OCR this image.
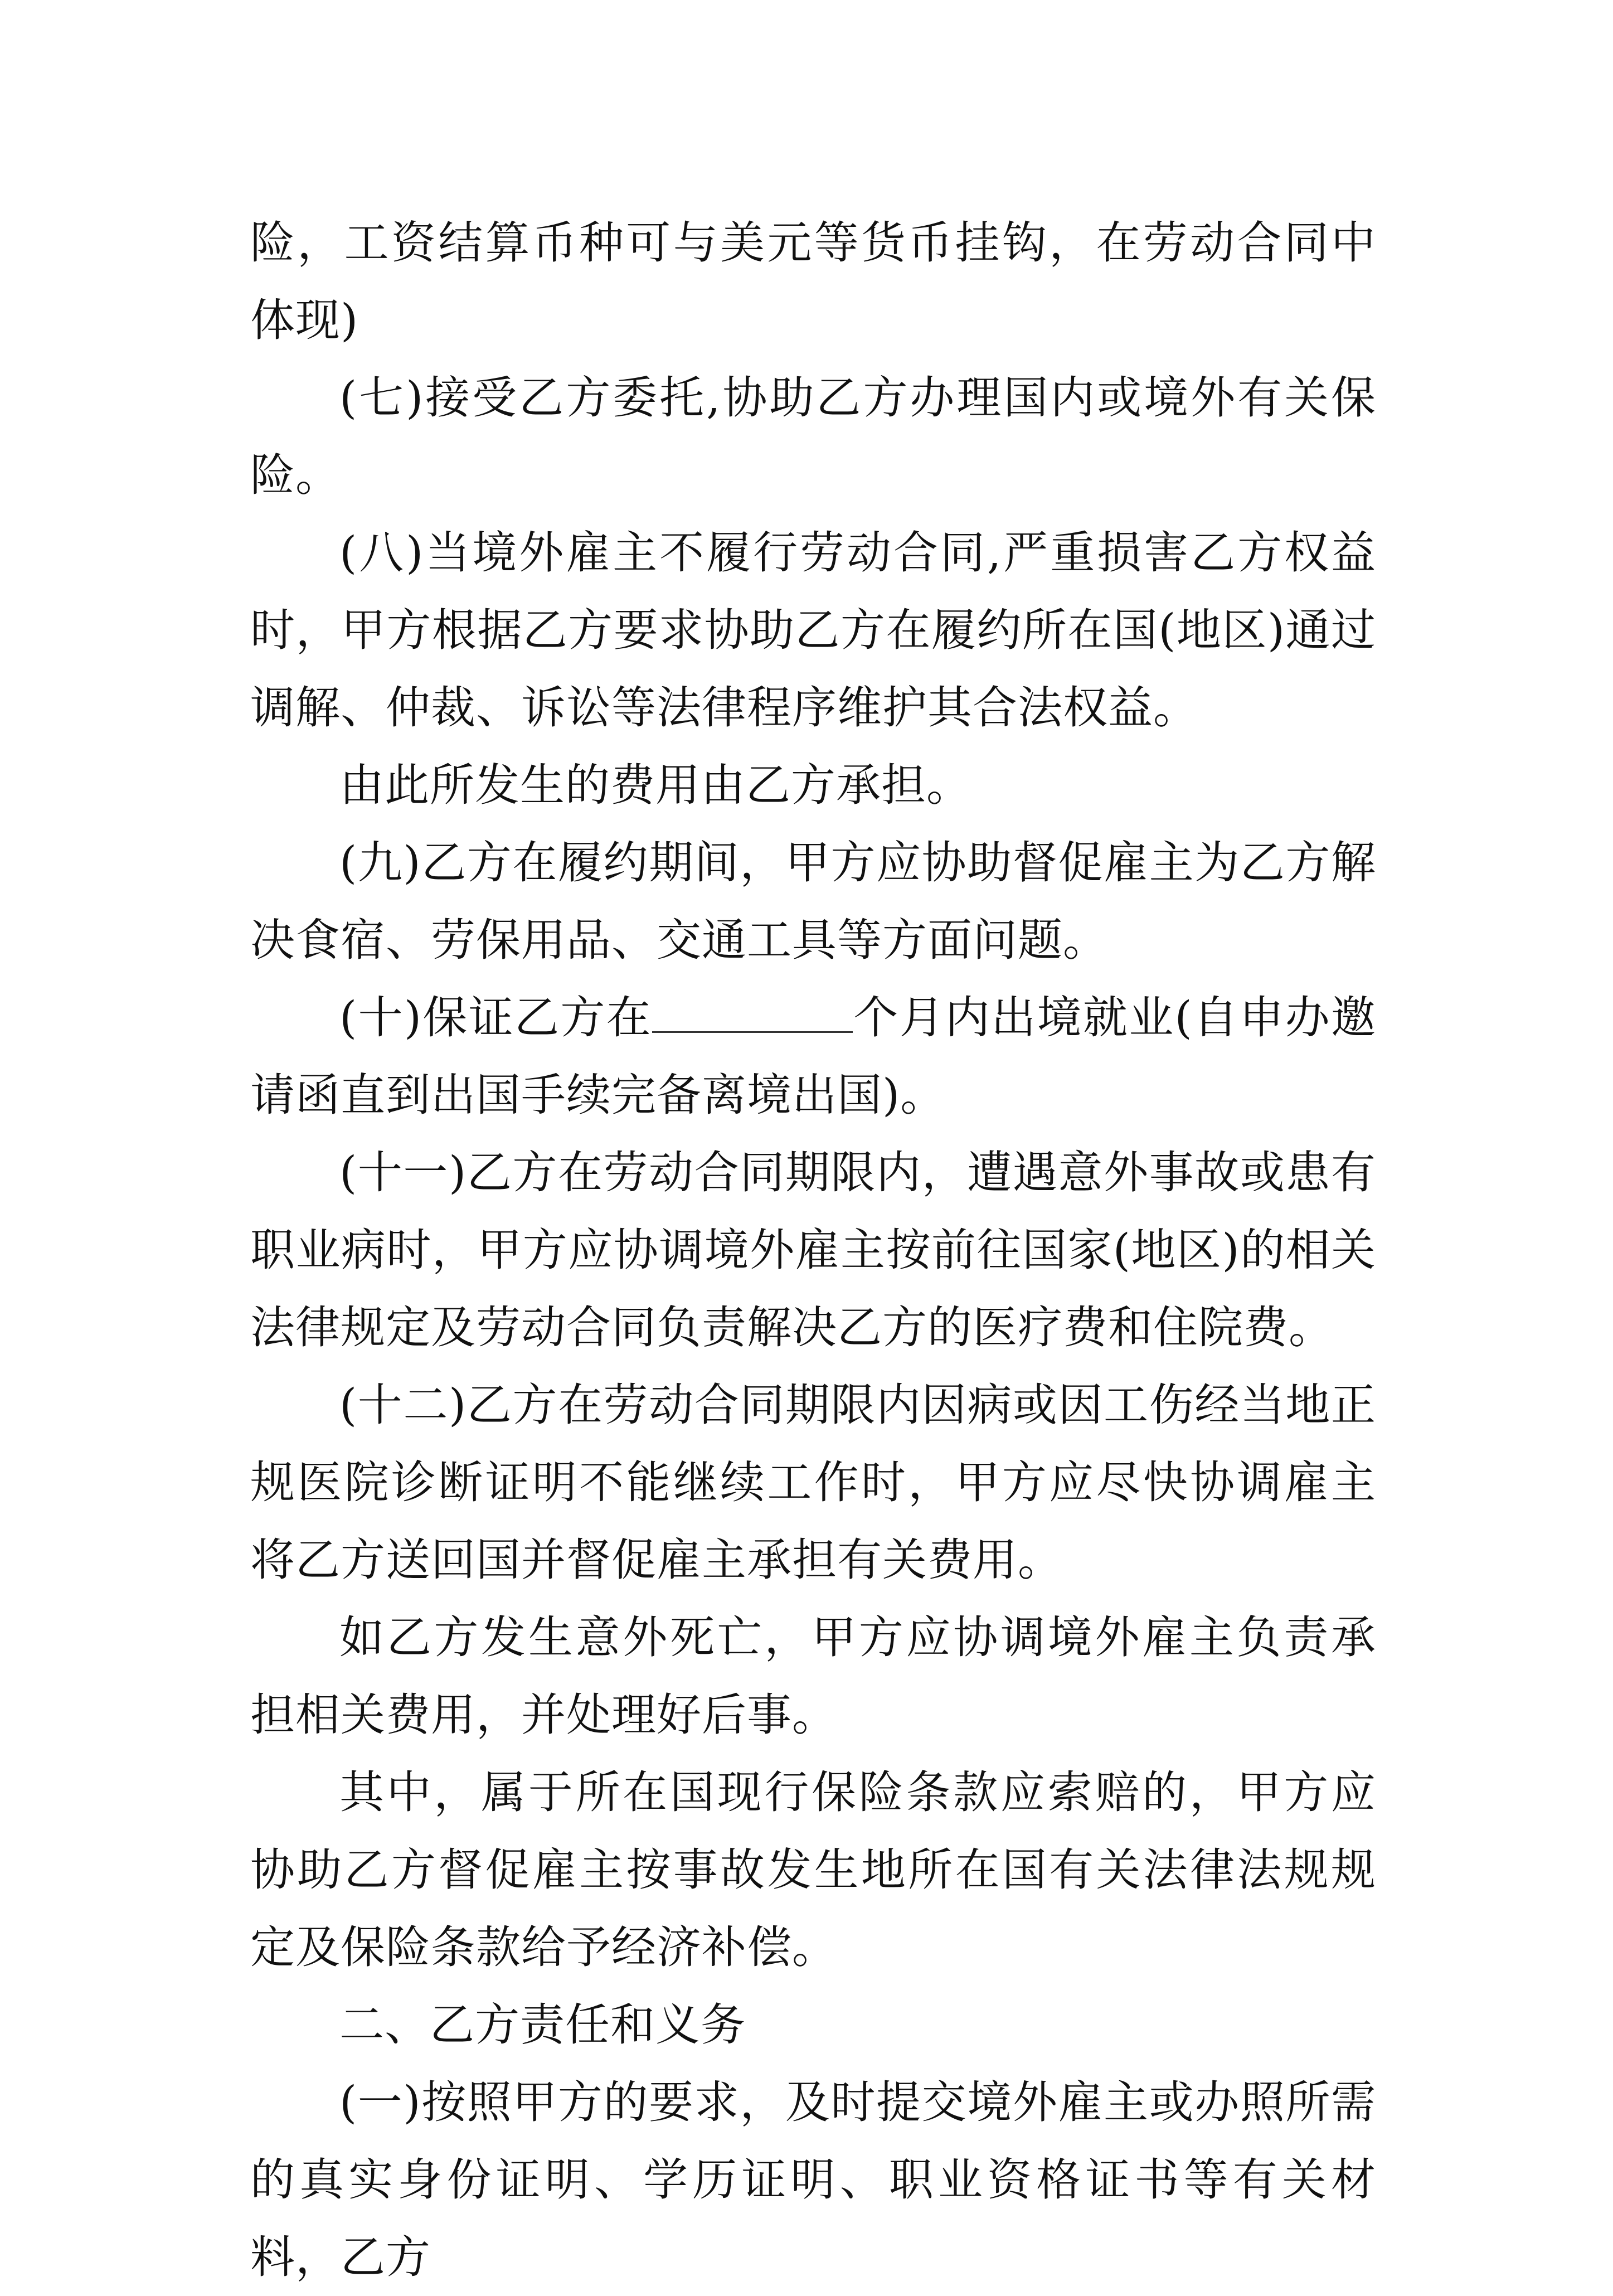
险，工资结算币种可与美元等货币挂钩，在劳动合同中体现)

(七)接受乙方委托,协助乙方办理国内或境外有关保险。

(八)当境外雇主不履行劳动合同,严重损害乙方权益时，甲方根据乙方要求协助乙方在履约所在国(地区)通过调解、仲裁、诉讼等法律程序维护其合法权益。

由此所发生的费用由乙方承担。

(九)乙方在履约期间，甲方应协助督促雇主为乙方解决食宿、劳保用品、交通工具等方面问题。

(十)保证乙方在	个月内出境就业(自申办邀请函直到出国手续完备离境出国)。

(十一)乙方在劳动合同期限内，遭遇意外事故或患有职业病时，甲方应协调境外雇主按前往国家(地区)的相关法律规定及劳动合同负责解决乙方的医疗费和住院费。

(十二)乙方在劳动合同期限内因病或因工伤经当地正规医院诊断证明不能继续工作时，甲方应尽快协调雇主将乙方送回国并督促雇主承担有关费用。

如乙方发生意外死亡，甲方应协调境外雇主负责承担相关费用，并处理好后事。

其中，属于所在国现行保险条款应索赔的，甲方应协助乙方督促雇主按事故发生地所在国有关法律法规规定及保险条款给予经济补偿。

二、乙方责任和义务

(一)按照甲方的要求，及时提交境外雇主或办照所需的真实身份证明、学历证明、职业资格证书等有关材料，乙方
